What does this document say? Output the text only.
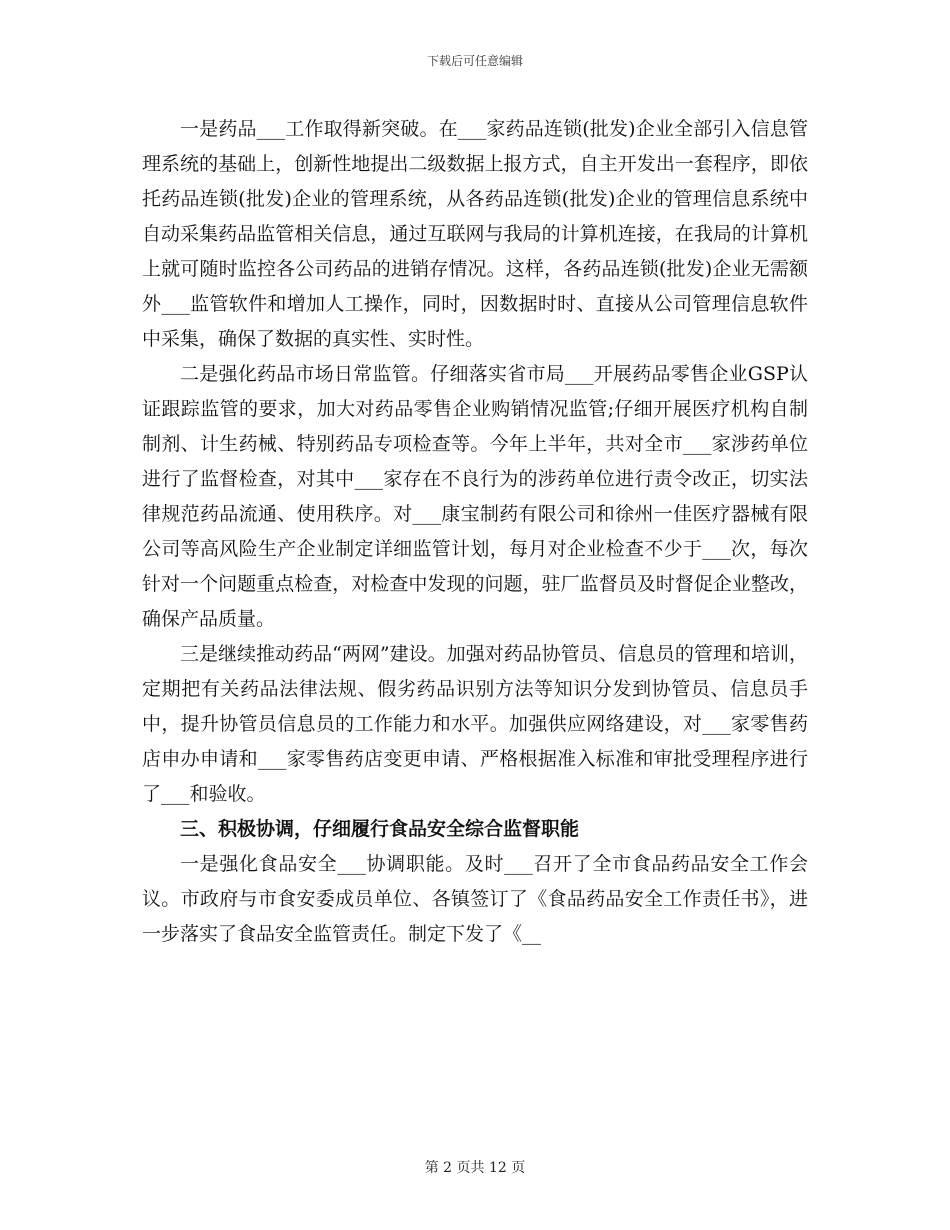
下载后可任意编辑

一是药品___工作取得新突破。在___家药品连锁(批发)企业全部引入信息管理系统的基础上，创新性地提出二级数据上报方式，自主开发出一套程序，即依托药品连锁(批发)企业的管理系统，从各药品连锁(批发)企业的管理信息系统中自动采集药品监管相关信息，通过互联网与我局的计算机连接，在我局的计算机上就可随时监控各公司药品的进销存情况。这样，各药品连锁(批发)企业无需额外___监管软件和增加人工操作，同时，因数据时时、直接从公司管理信息软件中采集，确保了数据的真实性、实时性。

二是强化药品市场日常监管。仔细落实省市局___开展药品零售企业GSP认证跟踪监管的要求，加大对药品零售企业购销情况监管;仔细开展医疗机构自制制剂、计生药械、特别药品专项检查等。今年上半年，共对全市___家涉药单位进行了监督检查，对其中___家存在不良行为的涉药单位进行责令改正，切实法律规范药品流通、使用秩序。对___康宝制药有限公司和徐州一佳医疗器械有限公司等高风险生产企业制定详细监管计划，每月对企业检查不少于___次，每次针对一个问题重点检查，对检查中发现的问题，驻厂监督员及时督促企业整改，确保产品质量。

三是继续推动药品“两网”建设。加强对药品协管员、信息员的管理和培训，定期把有关药品法律法规、假劣药品识别方法等知识分发到协管员、信息员手中，提升协管员信息员的工作能力和水平。加强供应网络建设，对___家零售药店申办申请和___家零售药店变更申请、严格根据准入标准和审批受理程序进行了___和验收。

三、积极协调，仔细履行食品安全综合监督职能

一是强化食品安全___协调职能。及时___召开了全市食品药品安全工作会议。市政府与市食安委成员单位、各镇签订了《食品药品安全工作责任书》，进一步落实了食品安全监管责任。制定下发了《__

第 2 页共 12 页
